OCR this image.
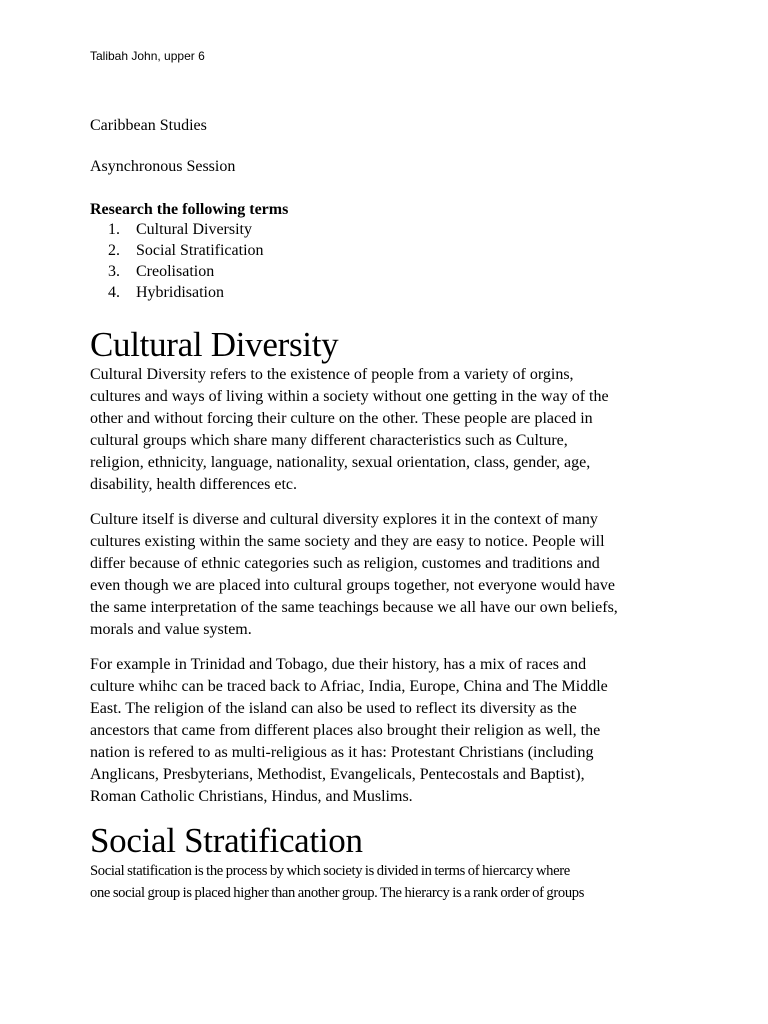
Talibah John, upper 6
Caribbean Studies
Asynchronous Session
Research the following terms
1.	Cultural Diversity
2.	Social Stratification
3.	Creolisation
4.	Hybridisation
Cultural Diversity

Cultural Diversity refers to the existence of people from a variety of orgins,
cultures and ways of living within a society without one getting in the way of the
other and without forcing their culture on the other. These people are placed in
cultural groups which share many different characteristics such as Culture,
religion, ethnicity, language, nationality, sexual orientation, class, gender, age,
disability, health differences etc.

Culture itself is diverse and cultural diversity explores it in the context of many
cultures existing within the same society and they are easy to notice. People will
differ because of ethnic categories such as religion, customes and traditions and
even though we are placed into cultural groups together, not everyone would have
the same interpretation of the same teachings because we all have our own beliefs,
morals and value system.

For example in Trinidad and Tobago, due their history, has a mix of races and
culture whihc can be traced back to Afriac, India, Europe, China and The Middle
East. The religion of the island can also be used to reflect its diversity as the
ancestors that came from different places also brought their religion as well, the
nation is refered to as multi-religious as it has: Protestant Christians (including
Anglicans, Presbyterians, Methodist, Evangelicals, Pentecostals and Baptist),
Roman Catholic Christians, Hindus, and Muslims.

Social Stratification

Social statification is the process by which society is divided in terms of hiercarcy where
one social group is placed higher than another group. The hierarcy is a rank order of groups
